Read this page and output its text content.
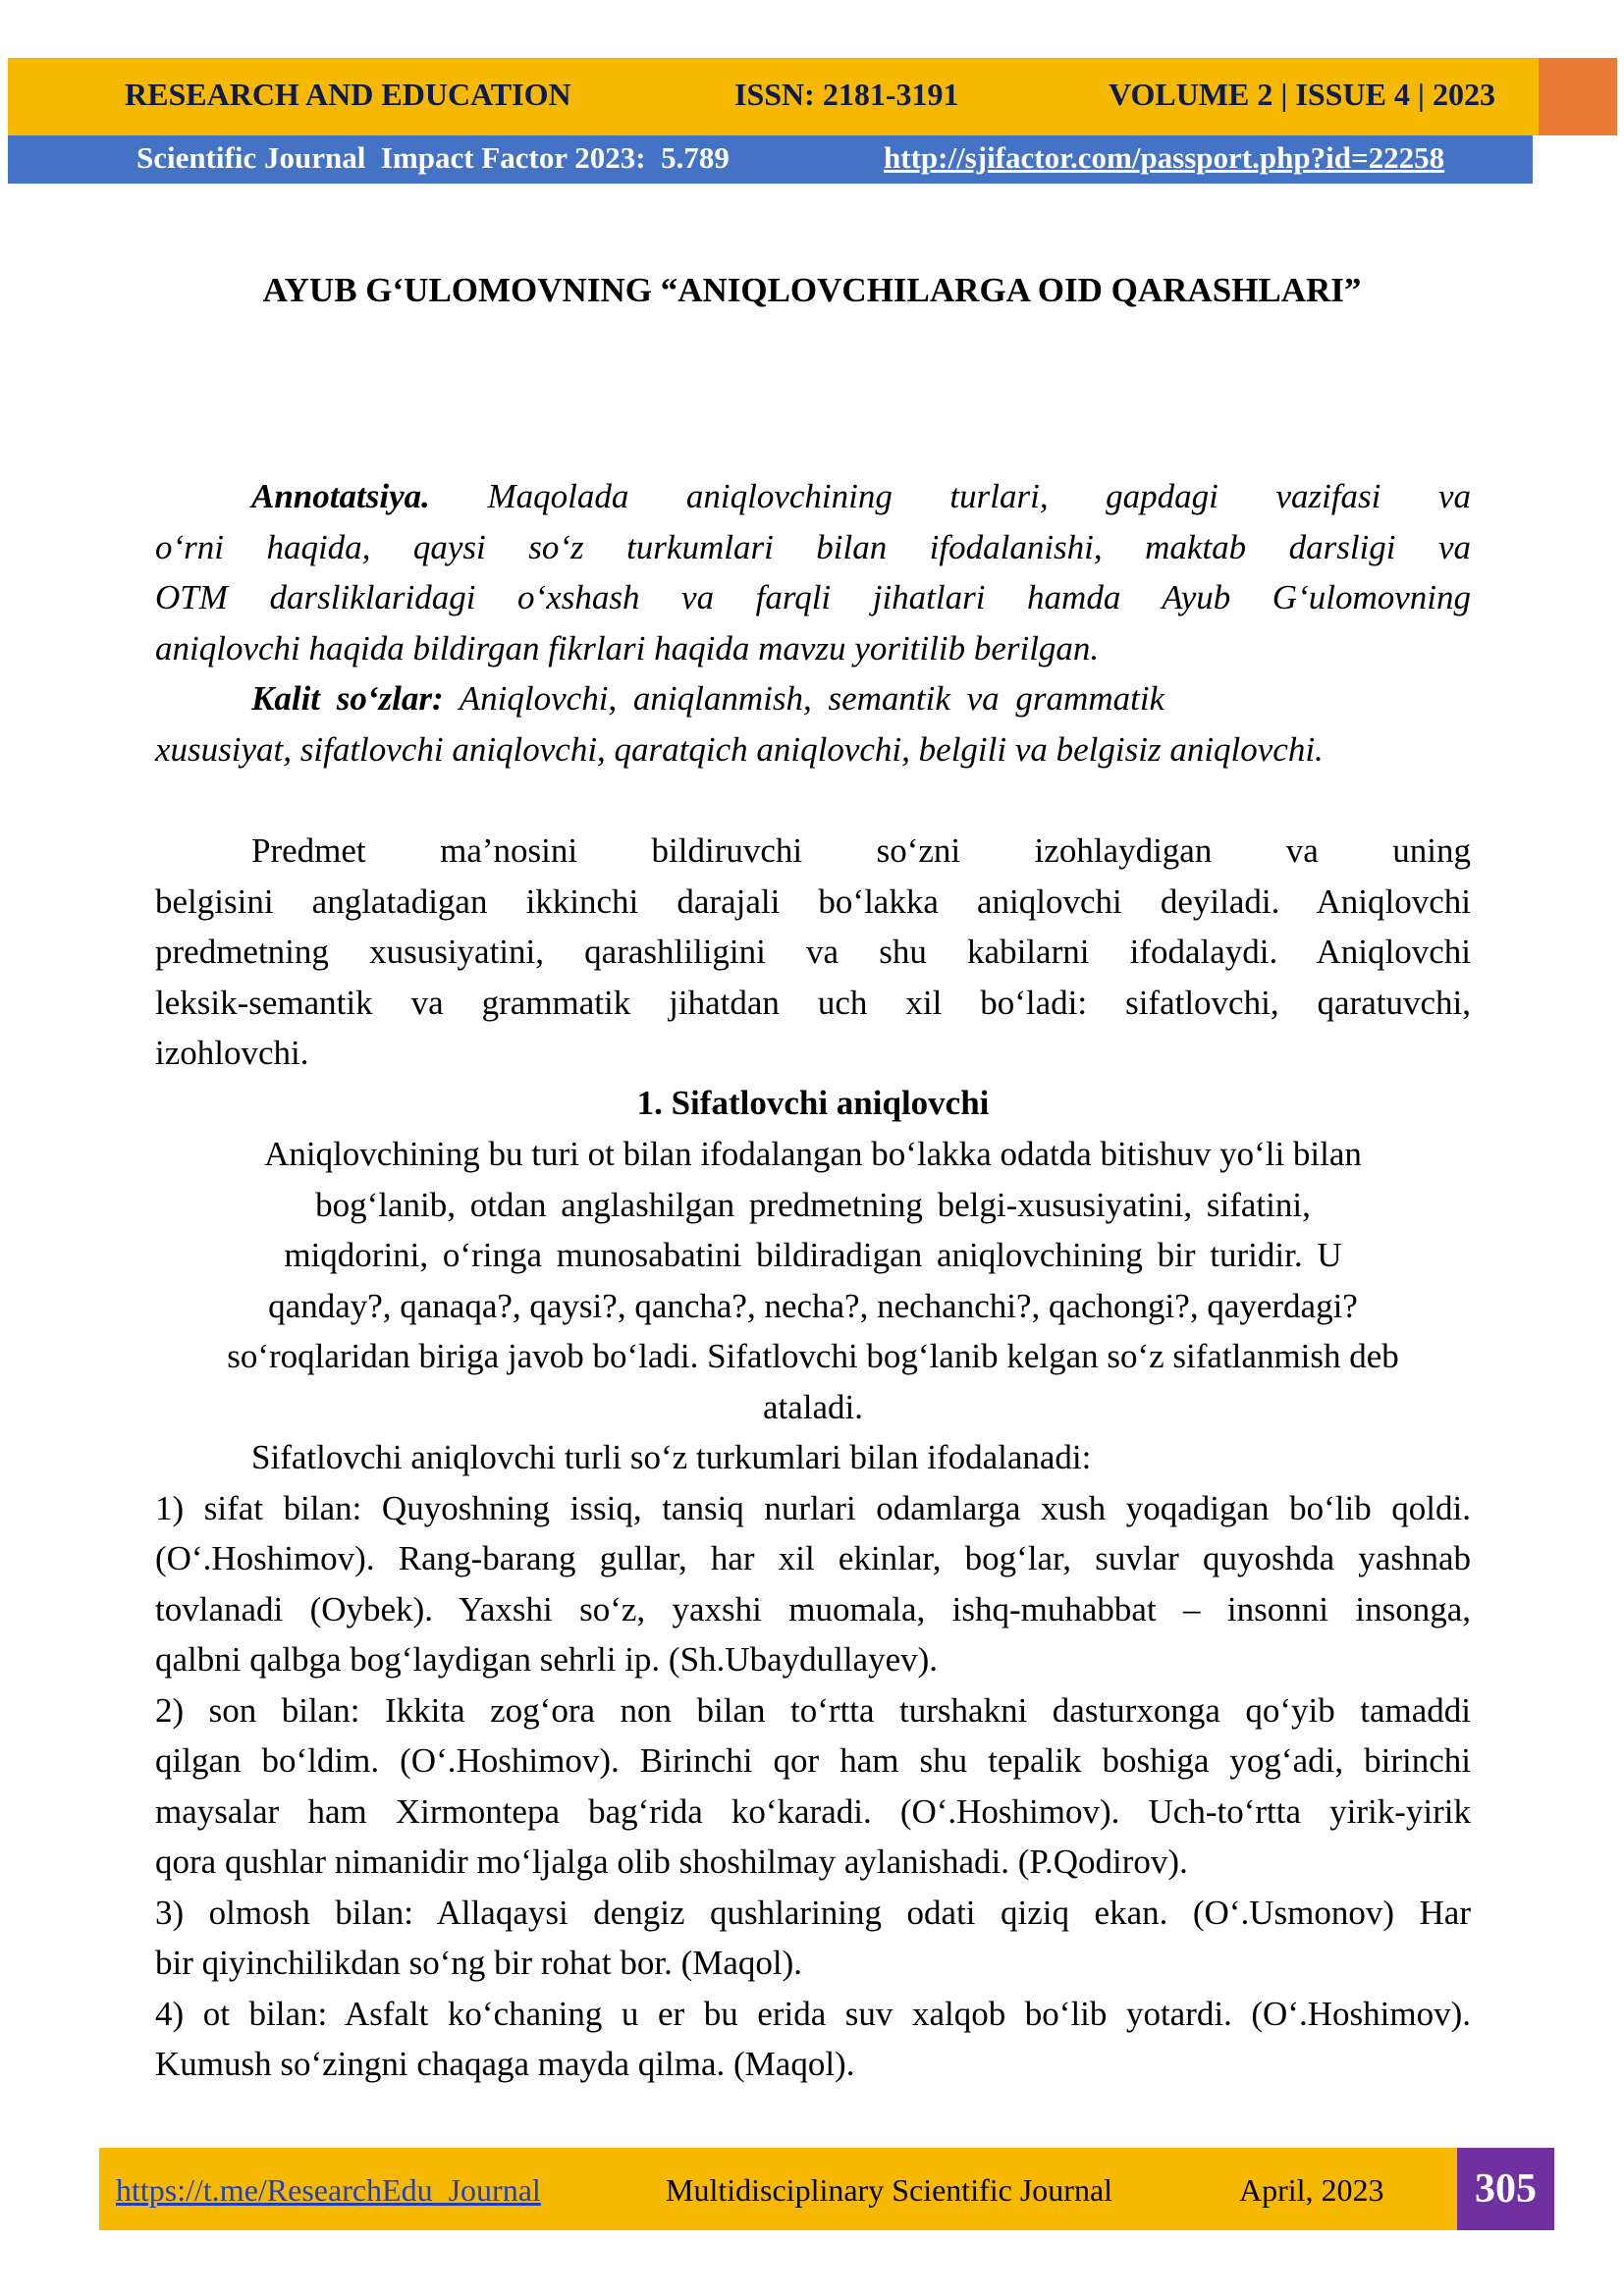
RESEARCH AND EDUCATION	ISSN: 2181-3191	VOLUME 2 | ISSUE 4 | 2023
Scientific Journal  Impact Factor 2023:  5.789	http://sjifactor.com/passport.php?id=22258
AYUB G‘ULOMOVNING “ANIQLOVCHILARGA OID QARASHLARI”
Annotatsiya. Maqolada aniqlovchining turlari, gapdagi vazifasi va
o‘rni haqida, qaysi so‘z turkumlari bilan ifodalanishi, maktab darsligi va
OTM darsliklaridagi o‘xshash va farqli jihatlari hamda Ayub G‘ulomovning
aniqlovchi haqida bildirgan fikrlari haqida mavzu yoritilib berilgan.
Kalit so‘zlar: Aniqlovchi, aniqlanmish, semantik va grammatik
xususiyat, sifatlovchi aniqlovchi, qaratqich aniqlovchi, belgili va belgisiz aniqlovchi.
Predmet ma’nosini bildiruvchi so‘zni izohlaydigan va uning
belgisini anglatadigan ikkinchi darajali bo‘lakka aniqlovchi deyiladi. Aniqlovchi
predmetning xususiyatini, qarashliligini va shu kabilarni ifodalaydi. Aniqlovchi
leksik-semantik va grammatik jihatdan uch xil bo‘ladi: sifatlovchi, qaratuvchi,
izohlovchi.
1. Sifatlovchi aniqlovchi
Aniqlovchining bu turi ot bilan ifodalangan bo‘lakka odatda bitishuv yo‘li bilan
bog‘lanib, otdan anglashilgan predmetning belgi-xususiyatini, sifatini,
miqdorini, o‘ringa munosabatini bildiradigan aniqlovchining bir turidir. U
qanday?, qanaqa?, qaysi?, qancha?, necha?, nechanchi?, qachongi?, qayerdagi?
so‘roqlaridan biriga javob bo‘ladi. Sifatlovchi bog‘lanib kelgan so‘z sifatlanmish deb
ataladi.
Sifatlovchi aniqlovchi turli so‘z turkumlari bilan ifodalanadi:
1) sifat bilan: Quyoshning issiq, tansiq nurlari odamlarga xush yoqadigan bo‘lib qoldi.
(O‘.Hoshimov). Rang-barang gullar, har xil ekinlar, bog‘lar, suvlar quyoshda yashnab
tovlanadi (Oybek). Yaxshi so‘z, yaxshi muomala, ishq-muhabbat – insonni insonga,
qalbni qalbga bog‘laydigan sehrli ip. (Sh.Ubaydullayev).
2) son bilan: Ikkita zog‘ora non bilan to‘rtta turshakni dasturxonga qo‘yib tamaddi
qilgan bo‘ldim. (O‘.Hoshimov). Birinchi qor ham shu tepalik boshiga yog‘adi, birinchi
maysalar ham Xirmontepa bag‘rida ko‘karadi. (O‘.Hoshimov). Uch-to‘rtta yirik-yirik
qora qushlar nimanidir mo‘ljalga olib shoshilmay aylanishadi. (P.Qodirov).
3) olmosh bilan: Allaqaysi dengiz qushlarining odati qiziq ekan. (O‘.Usmonov) Har
bir qiyinchilikdan so‘ng bir rohat bor. (Maqol).
4) ot bilan: Asfalt ko‘chaning u er bu erida suv xalqob bo‘lib yotardi. (O‘.Hoshimov).
Kumush so‘zingni chaqaga mayda qilma. (Maqol).
https://t.me/ResearchEdu_Journal	Multidisciplinary Scientific Journal	April, 2023	305
